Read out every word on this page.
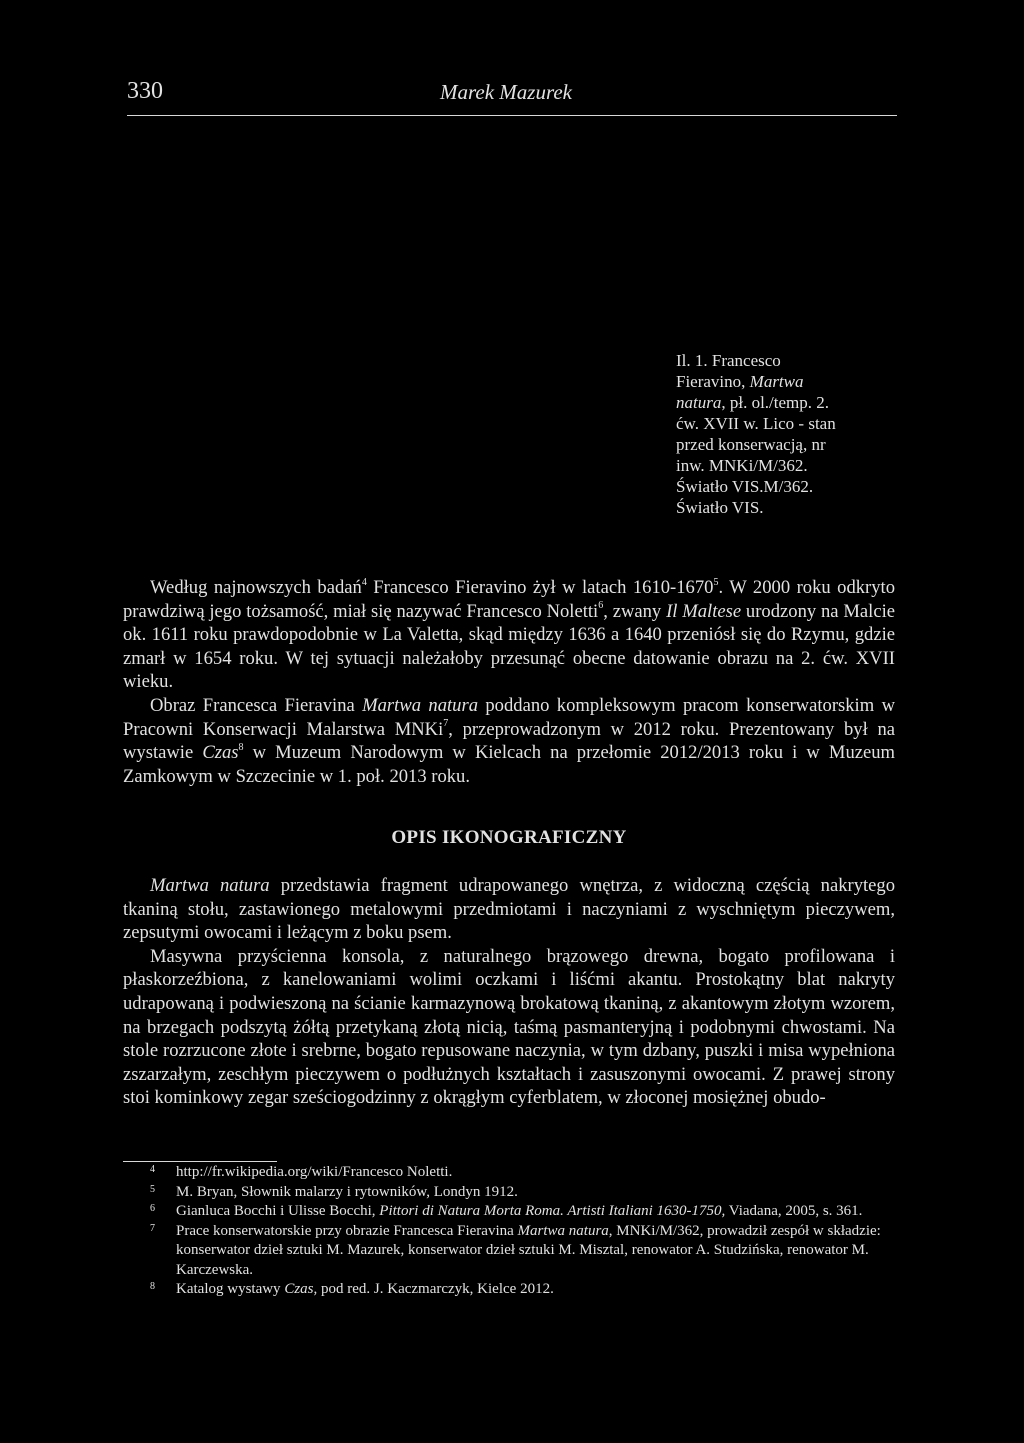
330	Marek Mazurek
Il. 1. Francesco
Fieravino, Martwa
natura, pł. ol./temp. 2.
ćw. XVII w. Lico - stan
przed konserwacją, nr
inw. MNKi/M/362.
Światło VIS.M/362.
Światło VIS.

Według najnowszych badań$^4$ Francesco Fieravino żył w latach 1610-1670$^5$. W 2000 roku odkryto prawdziwą jego tożsamość, miał się nazywać Francesco Noletti$^6$, zwany Il Maltese urodzony na Malcie ok. 1611 roku prawdopodobnie w La Valetta, skąd między 1636 a 1640 przeniósł się do Rzymu, gdzie zmarł w 1654 roku. W tej sytuacji należałoby przesunąć obecne datowanie obrazu na 2. ćw. XVII wieku.

Obraz Francesca Fieravina Martwa natura poddano kompleksowym pracom konserwatorskim w Pracowni Konserwacji Malarstwa MNKi$^7$, przeprowadzonym w 2012 roku. Prezentowany był na wystawie Czas$^8$ w Muzeum Narodowym w Kielcach na przełomie 2012/2013 roku i w Muzeum Zamkowym w Szczecinie w 1. poł. 2013 roku.

OPIS IKONOGRAFICZNY

Martwa natura przedstawia fragment udrapowanego wnętrza, z widoczną częścią nakrytego tkaniną stołu, zastawionego metalowymi przedmiotami i naczyniami z wyschniętym pieczywem, zepsutymi owocami i leżącym z boku psem.

Masywna przyścienna konsola, z naturalnego brązowego drewna, bogato profilowana i płaskorzeźbiona, z kanelowaniami wolimi oczkami i liśćmi akantu. Prostokątny blat nakryty udrapowaną i podwieszoną na ścianie karmazynową brokatową tkaniną, z akantowym złotym wzorem, na brzegach podszytą żółtą przetykaną złotą nicią, taśmą pasmanteryjną i podobnymi chwostami. Na stole rozrzucone złote i srebrne, bogato repusowane naczynia, w tym dzbany, puszki i misa wypełniona zszarzałym, zeschłym pieczywem o podłużnych kształtach i zasuszonymi owocami. Z prawej strony stoi kominkowy zegar sześciogodzinny z okrągłym cyferblatem, w złoconej mosiężnej obudo-

4 http://fr.wikipedia.org/wiki/Francesco Noletti.
5 M. Bryan, Słownik malarzy i rytowników, Londyn 1912.
6 Gianluca Bocchi i Ulisse Bocchi, Pittori di Natura Morta Roma. Artisti Italiani 1630-1750, Viadana, 2005, s. 361.
7 Prace konserwatorskie przy obrazie Francesca Fieravina Martwa natura, MNKi/M/362, prowadził zespół w składzie: konserwator dzieł sztuki M. Mazurek, konserwator dzieł sztuki M. Misztal, renowator A. Studzińska, renowator M. Karczewska.
8 Katalog wystawy Czas, pod red. J. Kaczmarczyk, Kielce 2012.
